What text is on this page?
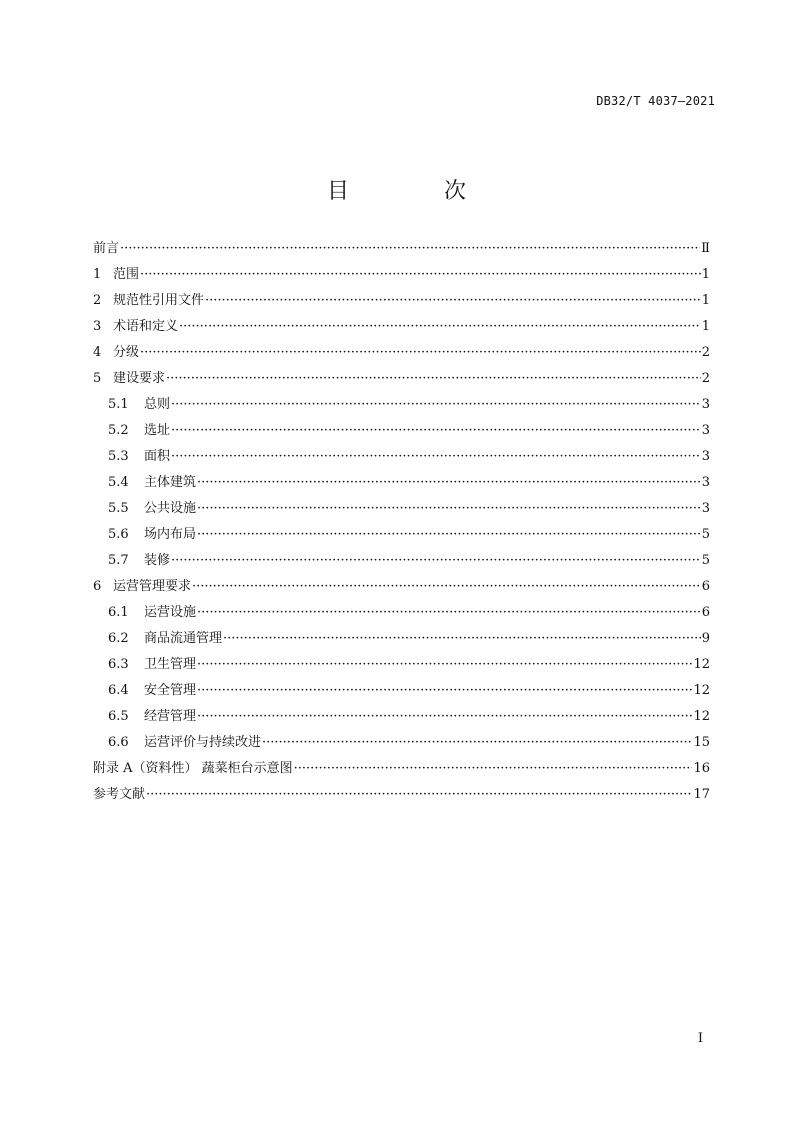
DB32/T 4037—2021
目 次
前言 ·····	Ⅱ
1 范围 ·····	1
2 规范性引用文件 ·····	1
3 术语和定义 ·····	1
4 分级 ·····	2
5 建设要求 ·····	2
5.1	总则 ·····	3
5.2	选址 ·····	3
5.3	面积 ·····	3
5.4	主体建筑 ·····	3
5.5	公共设施 ·····	3
5.6	场内布局 ·····	5
5.7	装修 ·····	5
6 运营管理要求 ·····	6
6.1	运营设施 ·····	6
6.2	商品流通管理 ·····	9
6.3	卫生管理 ·····	12
6.4	安全管理 ·····	12
6.5	经营管理 ·····	12
6.6	运营评价与持续改进 ·····	15
附录 A（资料性） 蔬菜柜台示意图 ·····	16
参考文献 ·····	17
I
